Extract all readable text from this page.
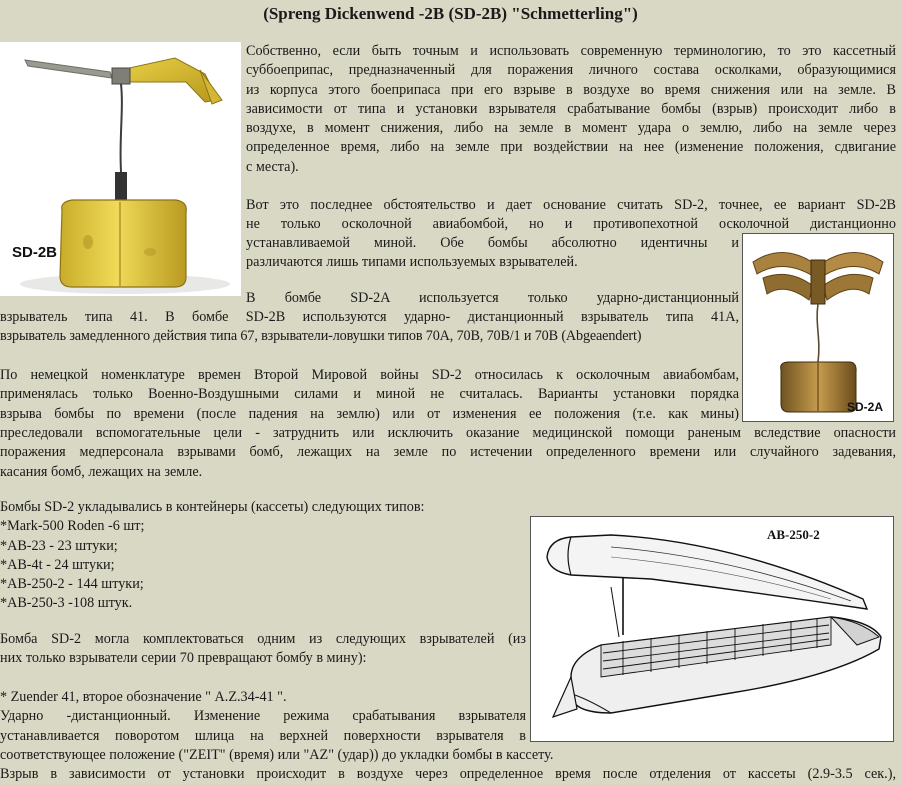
(Spreng Dickenwend -2B (SD-2B) "Schmetterling")
SD-2B
Собственно, если быть точным и использовать современную терминологию, то это кассетный
суббоеприпас, предназначенный для поражения личного состава осколками, образующимися
из корпуса этого боеприпаса при его взрыве в воздухе во время снижения или на земле. В
зависимости от типа и установки взрывателя срабатывание бомбы (взрыв) происходит либо в
воздухе, в момент снижения, либо на земле в момент удара о землю, либо на земле через
определенное время, либо на земле при воздействии на нее (изменение положения, сдвигание
с места).
Вот это последнее обстоятельство и дает основание считать SD-2, точнее, ее вариант SD-2B
не только осколочной авиабомбой, но и противопехотной осколочной дистанционно
устанавливаемой миной. Обе бомбы абсолютно идентичны и
различаются лишь типами используемых взрывателей.
SD-2A
В бомбе SD-2A используется только ударно-дистанционный
взрыватель типа 41. В бомбе SD-2B используются ударно- дистанционный взрыватель типа 41A,
взрыватель замедленного действия типа 67, взрыватели-ловушки типов 70A, 70B, 70B/1 и 70B (Abgeaendert)
По немецкой номенклатуре времен Второй Мировой войны SD-2 относилась к осколочным авиабомбам,
применялась только Военно-Воздушными силами и миной не считалась. Варианты установки порядка
взрыва бомбы по времени (после падения на землю) или от изменения ее положения (т.е. как мины)
преследовали вспомогательные цели - затруднить или исключить оказание медицинской помощи раненым вследствие опасности
поражения медперсонала взрывами бомб, лежащих на земле по истечении определенного времени или случайного задевания,
касания бомб, лежащих на земле.
Бомбы SD-2 укладывались в контейнеры (кассеты) следующих типов:
*Mark-500 Roden -6 шт;
*АВ-23 - 23 штуки;
*АВ-4t - 24 штуки;
*АВ-250-2 - 144 штуки;
*АВ-250-3 -108 штук.
АВ-250-2
Бомба SD-2 могла комплектоваться одним из следующих взрывателей (из
них только взрыватели серии 70 превращают бомбу в мину):
* Zuender 41, второе обозначение " A.Z.34-41 ".
Ударно -дистанционный. Изменение режима срабатывания взрывателя
устанавливается поворотом шлица на верхней поверхности взрывателя в
соответствующее положение ("ZEIT" (время) или "AZ" (удар)) до укладки бомбы в кассету.
Взрыв в зависимости от установки происходит в воздухе через определенное время после отделения от кассеты (2.9-3.5 сек.),
